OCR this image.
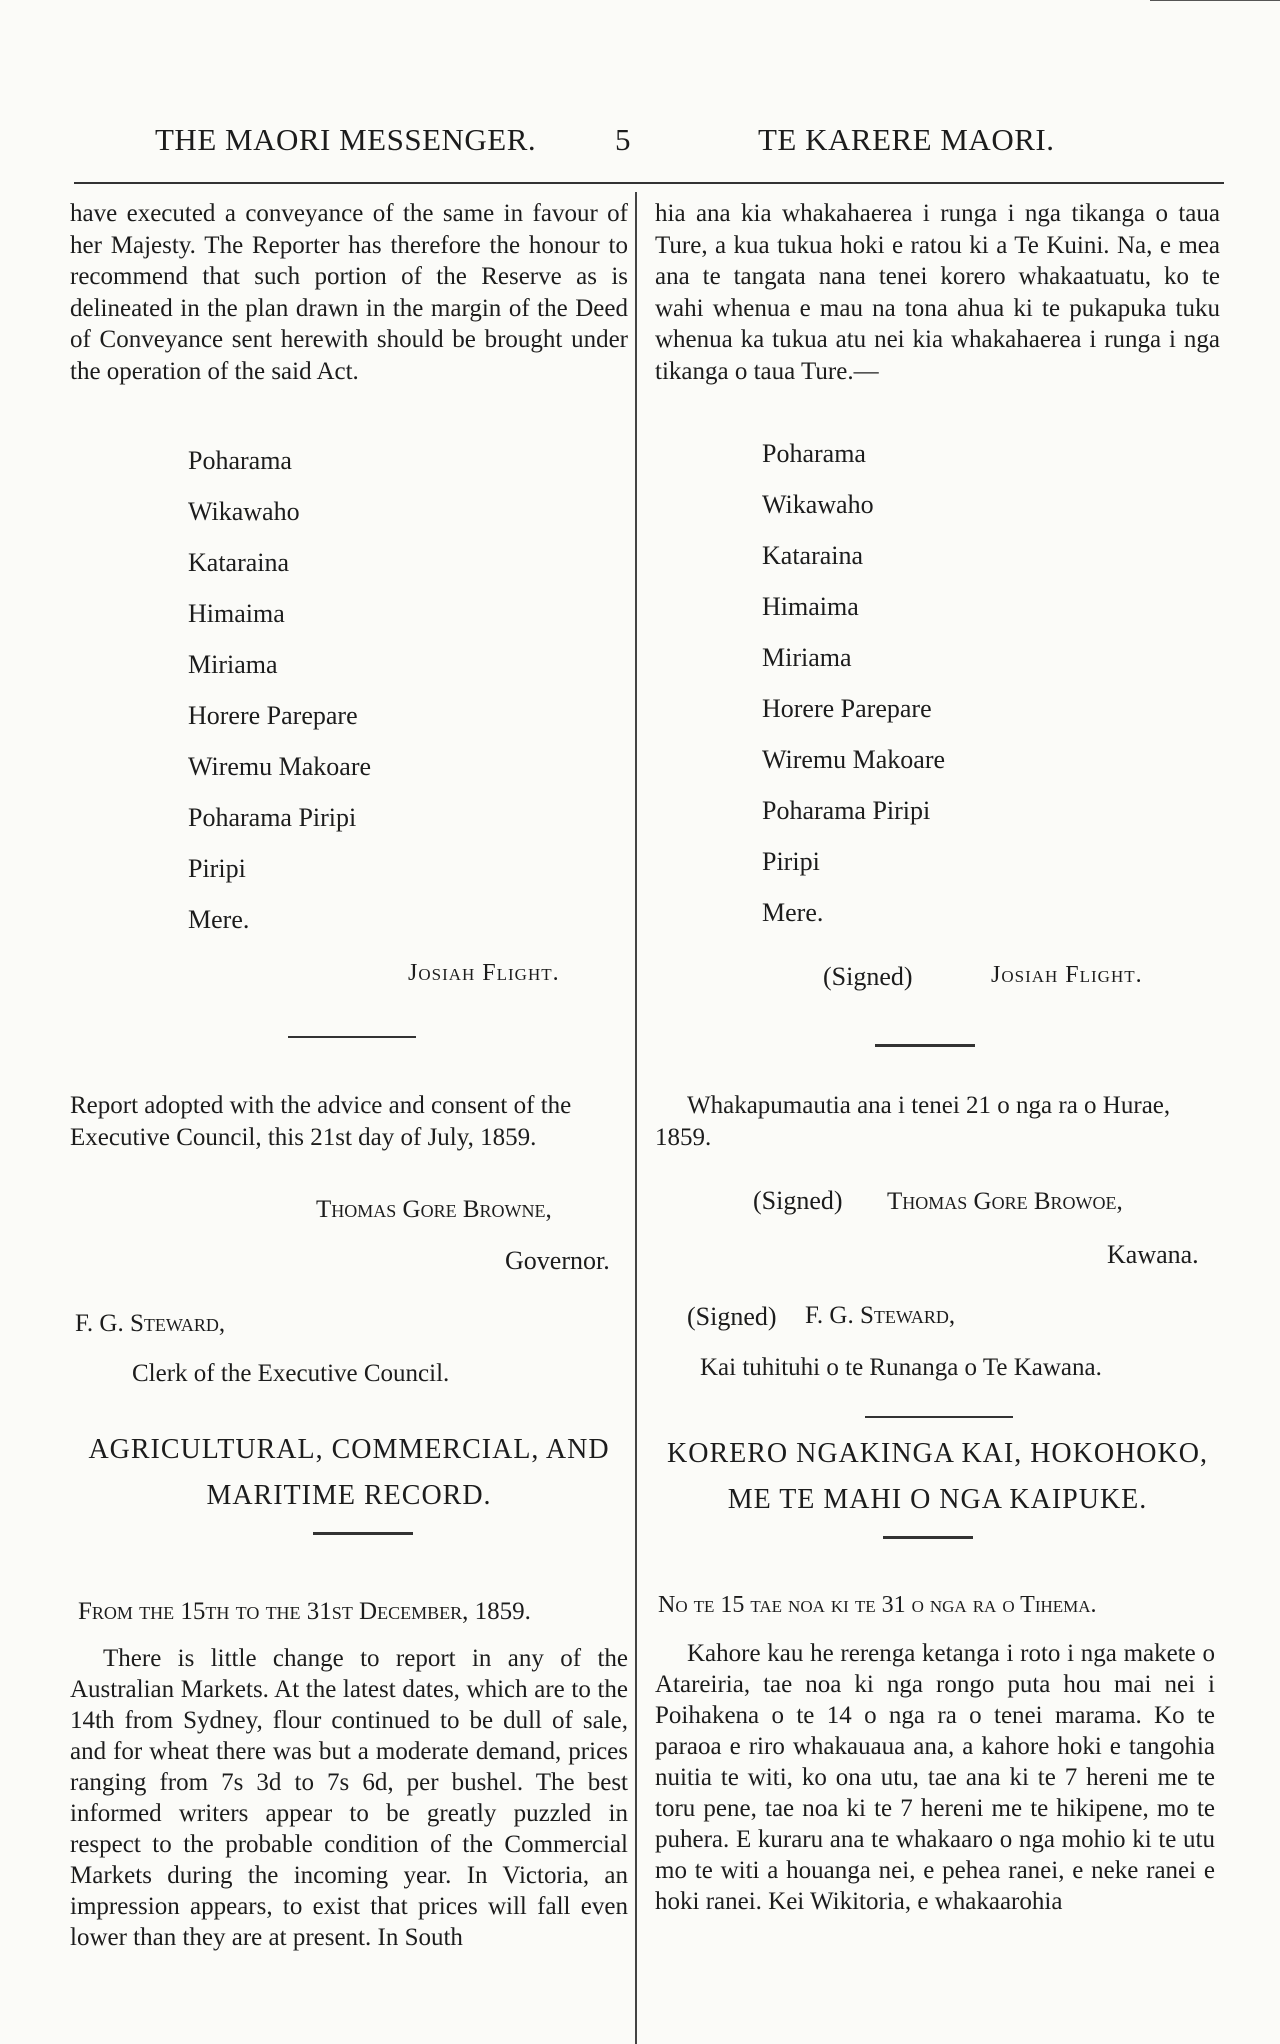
THE MAORI MESSENGER.	5	TE KARERE MAORI.

have executed a conveyance of the same in favour of her Majesty. The Reporter has therefore the honour to recommend that such portion of the Reserve as is delineated in the plan drawn in the margin of the Deed of Conveyance sent herewith should be brought under the operation of the said Act.

Poharama
Wikawaho
Kataraina
Himaima
Miriama
Horere Parepare
Wiremu Makoare
Poharama Piripi
Piripi
Mere.
Josiah Flight.

Report adopted with the advice and consent of the Executive Council, this 21st day of July, 1859.

Thomas Gore Browne,
Governor.
F. G. Steward,
Clerk of the Executive Council.
AGRICULTURAL, COMMERCIAL, AND
MARITIME RECORD.
From the 15th to the 31st December, 1859.

There is little change to report in any of the Australian Markets. At the latest dates, which are to the 14th from Sydney, flour continued to be dull of sale, and for wheat there was but a moderate demand, prices ranging from 7s 3d to 7s 6d, per bushel. The best informed writers appear to be greatly puzzled in respect to the probable condition of the Commercial Markets during the incoming year. In Victoria, an impression appears, to exist that prices will fall even lower than they are at present. In South

hia ana kia whakahaerea i runga i nga tikanga o taua Ture, a kua tukua hoki e ratou ki a Te Kuini. Na, e mea ana te tangata nana tenei korero whakaatuatu, ko te wahi whenua e mau na tona ahua ki te pukapuka tuku whenua ka tukua atu nei kia whakahaerea i runga i nga tikanga o taua Ture.—

Poharama
Wikawaho
Kataraina
Himaima
Miriama
Horere Parepare
Wiremu Makoare
Poharama Piripi
Piripi
Mere.
(Signed)	Josiah Flight.

Whakapumautia ana i tenei 21 o nga ra o Hurae, 1859.

(Signed) Thomas Gore Browoe,
Kawana.
(Signed) F. G. Steward,
Kai tuhituhi o te Runanga o Te Kawana.
KORERO NGAKINGA KAI, HOKOHOKO,
ME TE MAHI O NGA KAIPUKE.
No te 15 tae noa ki te 31 o nga ra o Tihema.

Kahore kau he rerenga ketanga i roto i nga makete o Atareiria, tae noa ki nga rongo puta hou mai nei i Poihakena o te 14 o nga ra o tenei marama. Ko te paraoa e riro whakauaua ana, a kahore hoki e tangohia nuitia te witi, ko ona utu, tae ana ki te 7 hereni me te toru pene, tae noa ki te 7 hereni me te hikipene, mo te puhera. E kuraru ana te whakaaro o nga mohio ki te utu mo te witi a houanga nei, e pehea ranei, e neke ranei e hoki ranei. Kei Wikitoria, e whakaarohia
